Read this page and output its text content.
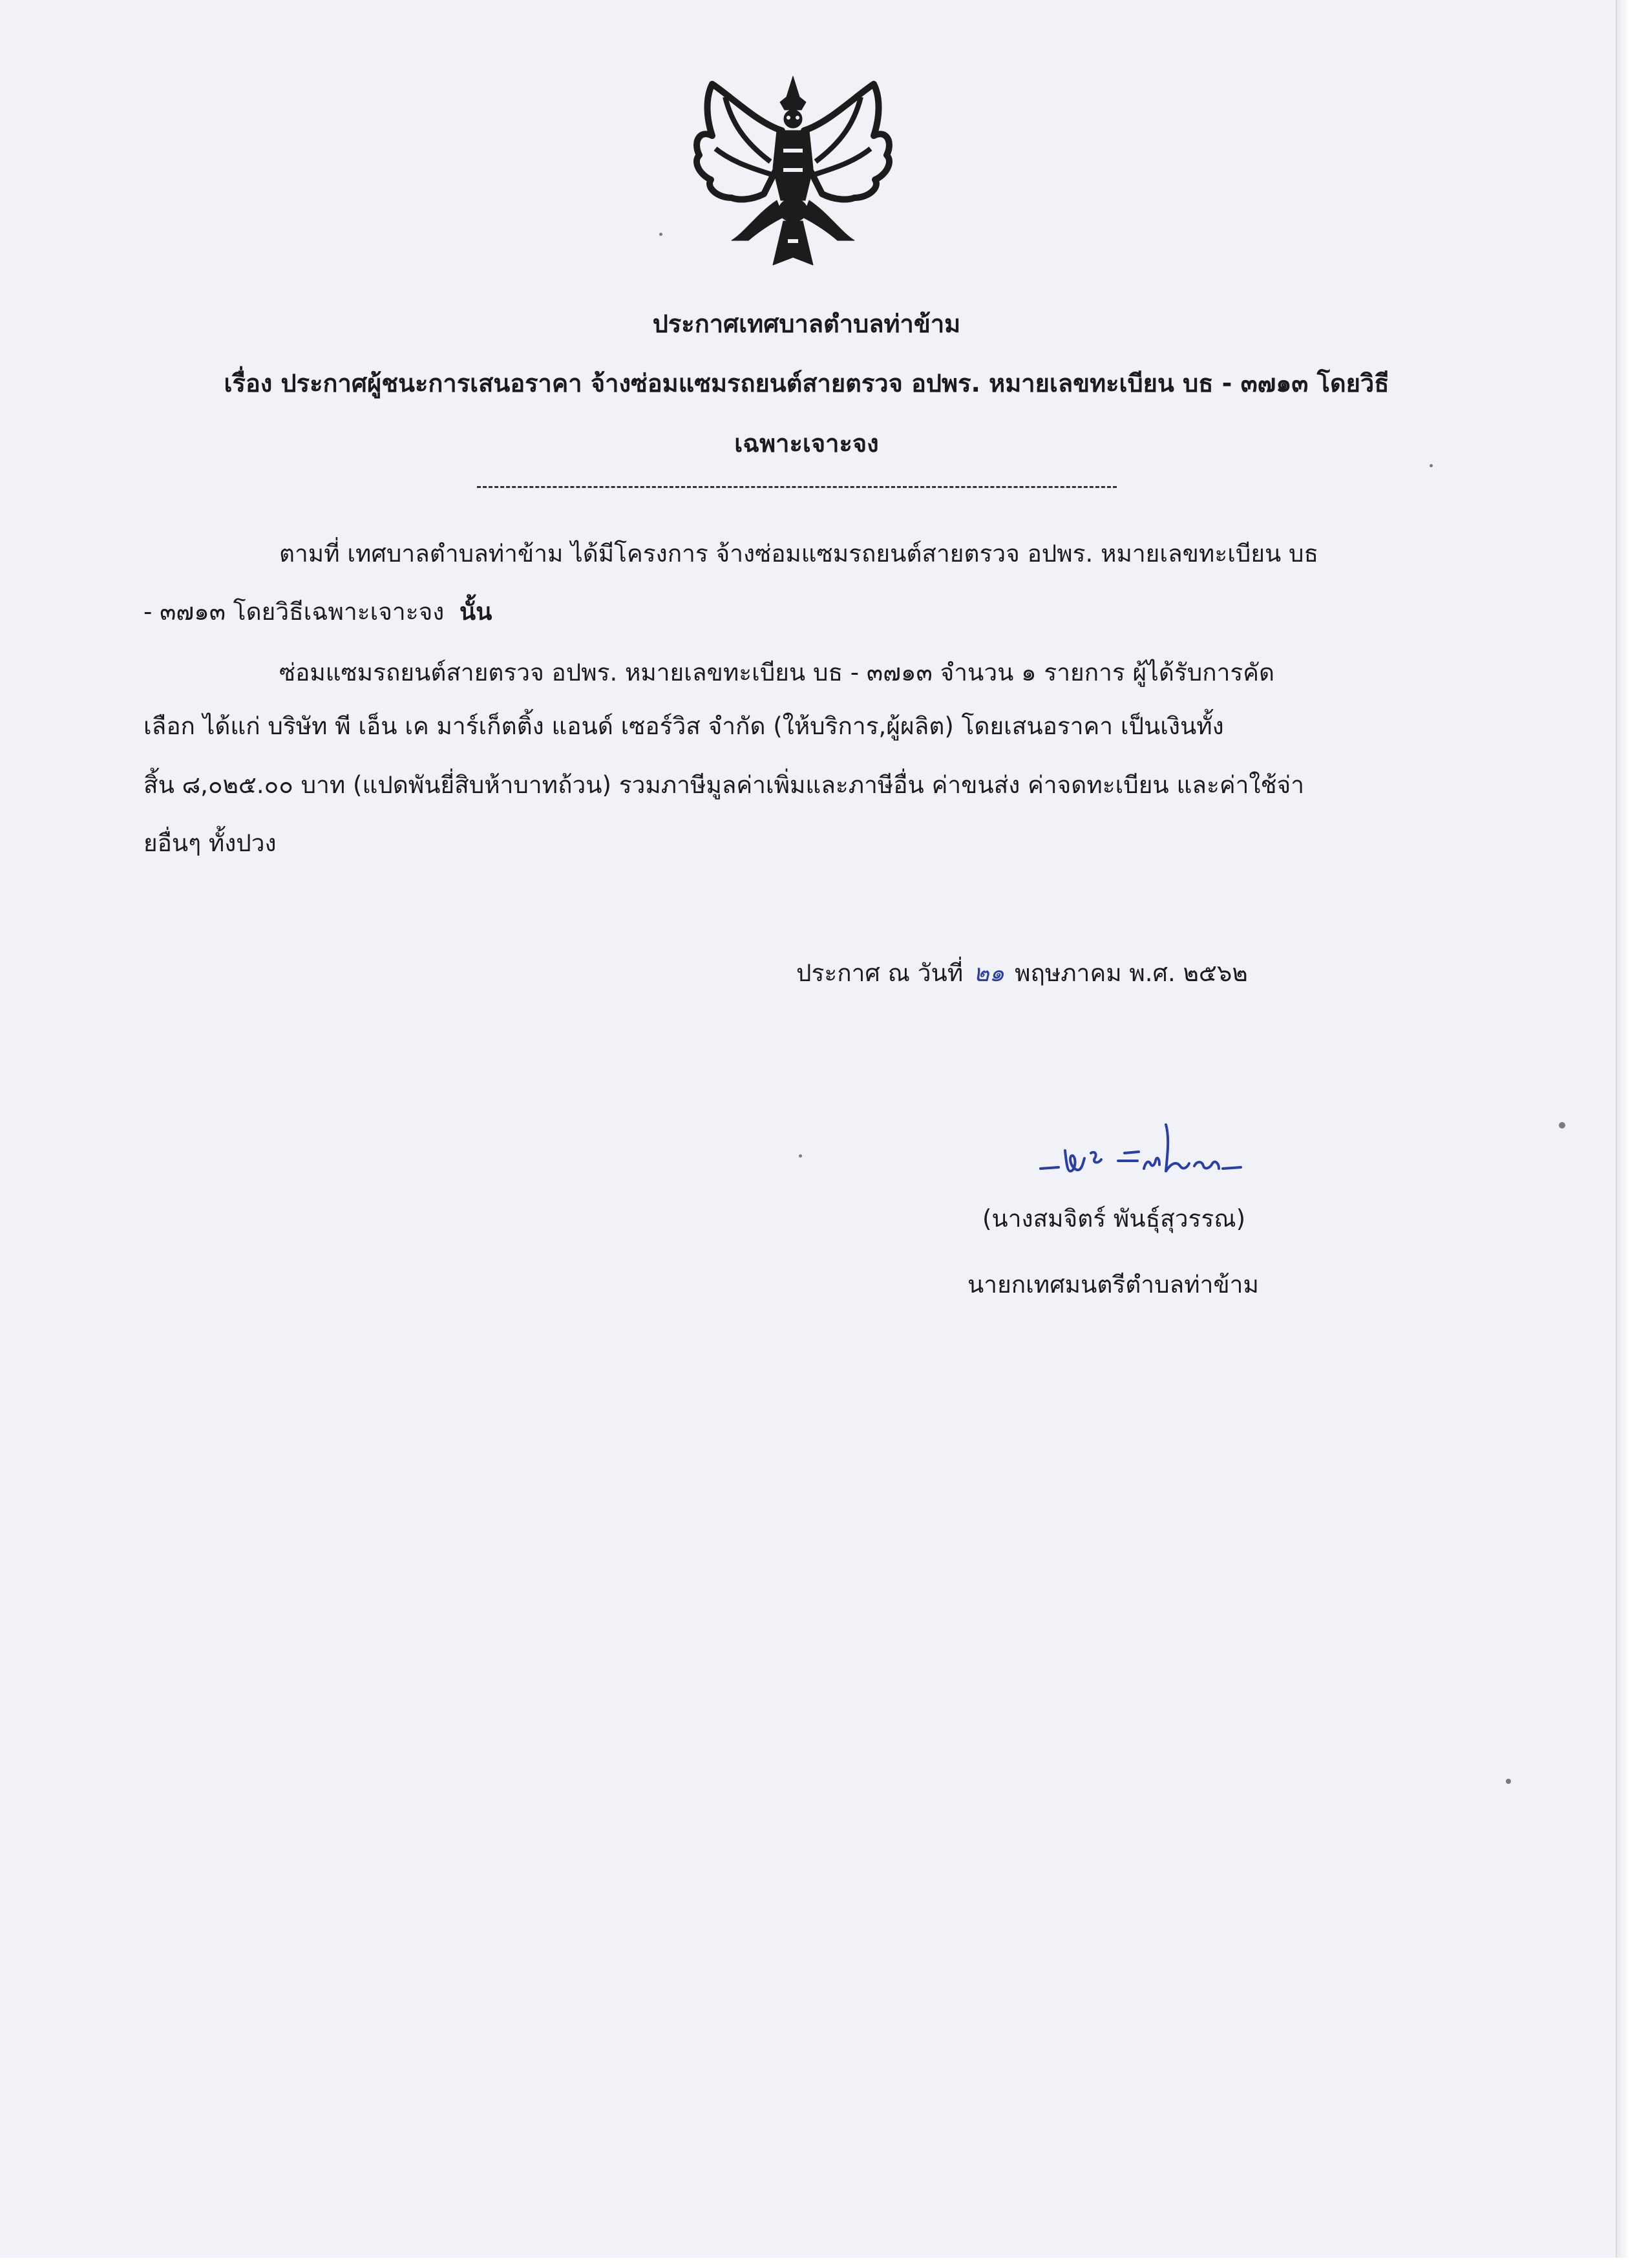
ประกาศเทศบาลตำบลท่าข้าม
เรื่อง ประกาศผู้ชนะการเสนอราคา จ้างซ่อมแซมรถยนต์สายตรวจ อปพร. หมายเลขทะเบียน บธ - ๓๗๑๓ โดยวิธี
เฉพาะเจาะจง
ตามที่ เทศบาลตำบลท่าข้าม ได้มีโครงการ จ้างซ่อมแซมรถยนต์สายตรวจ อปพร. หมายเลขทะเบียน บธ
- ๓๗๑๓ โดยวิธีเฉพาะเจาะจง นั้น
ซ่อมแซมรถยนต์สายตรวจ อปพร. หมายเลขทะเบียน บธ - ๓๗๑๓ จำนวน ๑ รายการ ผู้ได้รับการคัด
เลือก ได้แก่ บริษัท พี เอ็น เค มาร์เก็ตติ้ง แอนด์ เซอร์วิส จำกัด (ให้บริการ,ผู้ผลิต) โดยเสนอราคา เป็นเงินทั้ง
สิ้น ๘,๐๒๕.๐๐ บาท (แปดพันยี่สิบห้าบาทถ้วน) รวมภาษีมูลค่าเพิ่มและภาษีอื่น ค่าขนส่ง ค่าจดทะเบียน และค่าใช้จ่า
ยอื่นๆ ทั้งปวง
ประกาศ ณ วันที่ ๒๑ พฤษภาคม พ.ศ. ๒๕๖๒
(นางสมจิตร์ พันธุ์สุวรรณ)
นายกเทศมนตรีตำบลท่าข้าม
